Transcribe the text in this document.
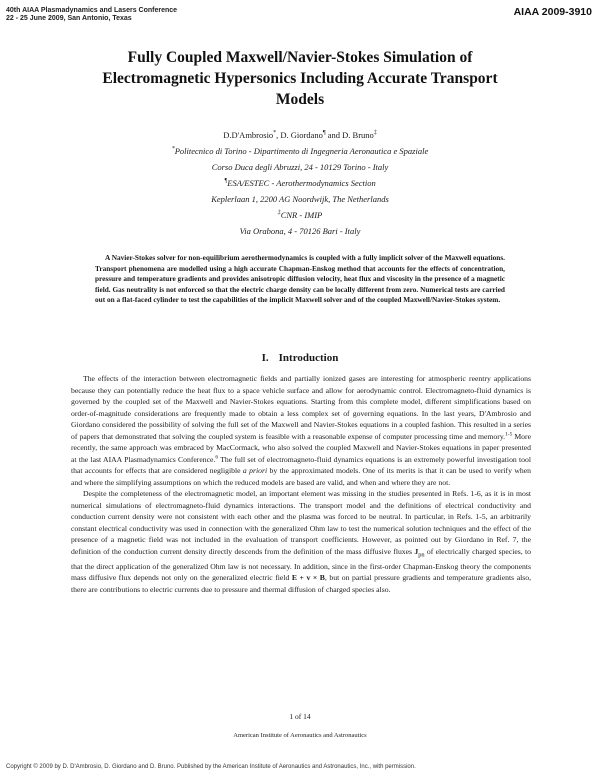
40th AIAA Plasmadynamics and Lasers Conference
22 - 25 June 2009, San Antonio, Texas
AIAA 2009-3910
Fully Coupled Maxwell/Navier-Stokes Simulation of
Electromagnetic Hypersonics Including Accurate Transport
Models
D.D'Ambrosio*, D. Giordano¶ and D. Bruno‡
*Politecnico di Torino - Dipartimento di Ingegneria Aeronautica e Spaziale
Corso Duca degli Abruzzi, 24 - 10129 Torino - Italy
¶ESA/ESTEC - Aerothermodynamics Section
Keplerlaan 1, 2200 AG Noordwijk, The Netherlands
‡CNR - IMIP
Via Orabona, 4 - 70126 Bari - Italy

A Navier-Stokes solver for non-equilibrium aerothermodynamics is coupled with a fully implicit solver of the Maxwell equations. Transport phenomena are modelled using a high accurate Chapman-Enskog method that accounts for the effects of concentration, pressure and temperature gradients and provides anisotropic diffusion velocity, heat flux and viscosity in the presence of a magnetic field. Gas neutrality is not enforced so that the electric charge density can be locally different from zero. Numerical tests are carried out on a flat-faced cylinder to test the capabilities of the implicit Maxwell solver and of the coupled Maxwell/Navier-Stokes system.

I. Introduction

The effects of the interaction between electromagnetic fields and partially ionized gases are interesting for atmospheric reentry applications because they can potentially reduce the heat flux to a space vehicle surface and allow for aerodynamic control. Electromagneto-fluid dynamics is governed by the coupled set of the Maxwell and Navier-Stokes equations. Starting from this complete model, different simplifications based on order-of-magnitude considerations are frequently made to obtain a less complex set of governing equations. In the last years, D'Ambrosio and Giordano considered the possibility of solving the full set of the Maxwell and Navier-Stokes equations in a coupled fashion. This resulted in a series of papers that demonstrated that solving the coupled system is feasible with a reasonable expense of computer processing time and memory.$^{1-5}$ More recently, the same approach was embraced by MacCormack, who also solved the coupled Maxwell and Navier-Stokes equations in paper presented at the last AIAA Plasmadynamics Conference.$^6$ The full set of electromagneto-fluid dynamics equations is an extremely powerful investigation tool that accounts for effects that are considered negligible a priori by the approximated models. One of its merits is that it can be used to verify when and where the simplifying assumptions on which the reduced models are based are valid, and when and where they are not.

Despite the completeness of the electromagnetic model, an important element was missing in the studies presented in Refs. 1-6, as it is in most numerical simulations of electromagneto-fluid dynamics interactions. The transport model and the definitions of electrical conductivity and conduction current density were not consistent with each other and the plasma was forced to be neutral. In particular, in Refs. 1-5, an arbitrarily constant electrical conductivity was used in connection with the generalized Ohm law to test the numerical solution techniques and the effect of the presence of a magnetic field was not included in the evaluation of transport coefficients. However, as pointed out by Giordano in Ref. 7, the definition of the conduction current density directly descends from the definition of the mass diffusive fluxes $J_{pn}$ of electrically charged species, to that the direct application of the generalized Ohm law is not necessary. In addition, since in the first-order Chapman-Enskog theory the components mass diffusive flux depends not only on the generalized electric field E + v × B, but on partial pressure gradients and temperature gradients also, there are contributions to electric currents due to pressure and thermal diffusion of charged species also.

1 of 14
American Institute of Aeronautics and Astronautics
Copyright © 2009 by D. D'Ambrosio, D. Giordano and D. Bruno. Published by the American Institute of Aeronautics and Astronautics, Inc., with permission.
